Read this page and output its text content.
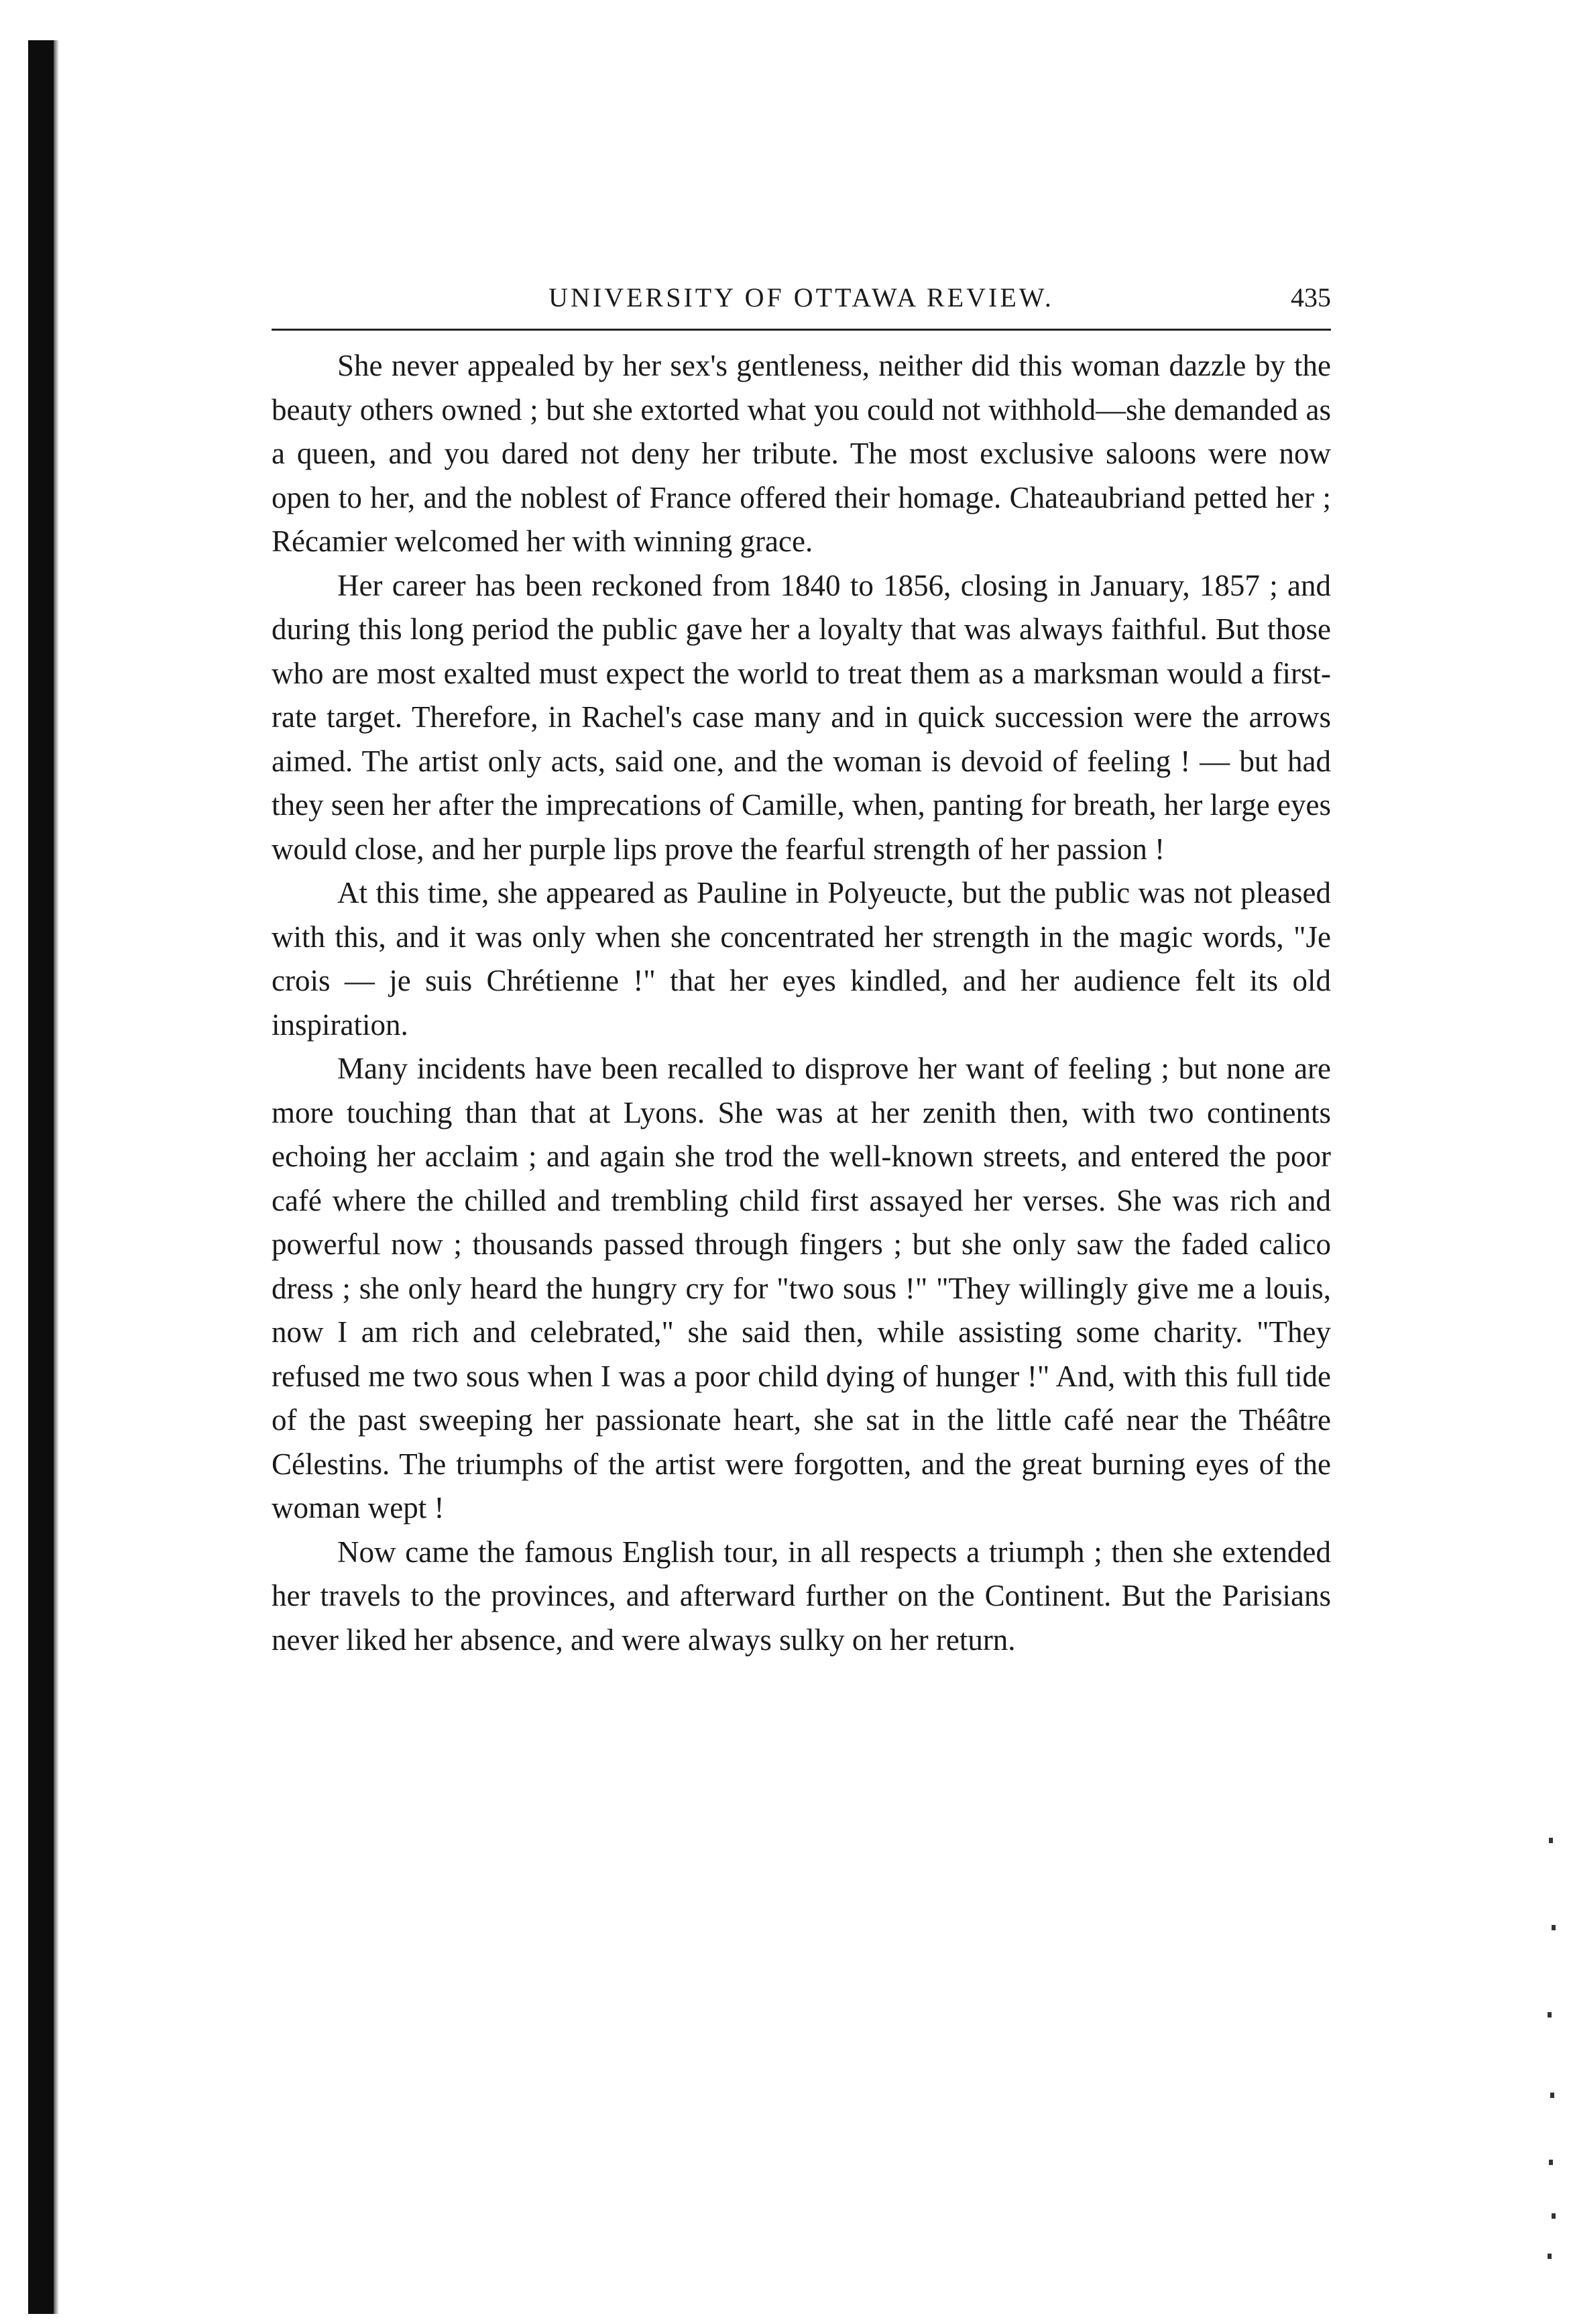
UNIVERSITY OF OTTAWA REVIEW.	435

She never appealed by her sex's gentleness, neither did this woman dazzle by the beauty others owned ; but she extorted what you could not withhold—she demanded as a queen, and you dared not deny her tribute. The most exclusive saloons were now open to her, and the noblest of France offered their homage. Chateaubriand petted her ; Récamier welcomed her with winning grace.

Her career has been reckoned from 1840 to 1856, closing in January, 1857 ; and during this long period the public gave her a loyalty that was always faithful. But those who are most exalted must expect the world to treat them as a marksman would a first-rate target. Therefore, in Rachel's case many and in quick succession were the arrows aimed. The artist only acts, said one, and the woman is devoid of feeling ! — but had they seen her after the imprecations of Camille, when, panting for breath, her large eyes would close, and her purple lips prove the fearful strength of her passion !

At this time, she appeared as Pauline in Polyeucte, but the public was not pleased with this, and it was only when she concentrated her strength in the magic words, "Je crois — je suis Chrétienne !" that her eyes kindled, and her audience felt its old inspiration.

Many incidents have been recalled to disprove her want of feeling ; but none are more touching than that at Lyons. She was at her zenith then, with two continents echoing her acclaim ; and again she trod the well-known streets, and entered the poor café where the chilled and trembling child first assayed her verses. She was rich and powerful now ; thousands passed through fingers ; but she only saw the faded calico dress ; she only heard the hungry cry for "two sous !" "They willingly give me a louis, now I am rich and celebrated," she said then, while assisting some charity. "They refused me two sous when I was a poor child dying of hunger !" And, with this full tide of the past sweeping her passionate heart, she sat in the little café near the Théâtre Célestins. The triumphs of the artist were forgotten, and the great burning eyes of the woman wept !

Now came the famous English tour, in all respects a triumph ; then she extended her travels to the provinces, and afterward further on the Continent. But the Parisians never liked her absence, and were always sulky on her return.
